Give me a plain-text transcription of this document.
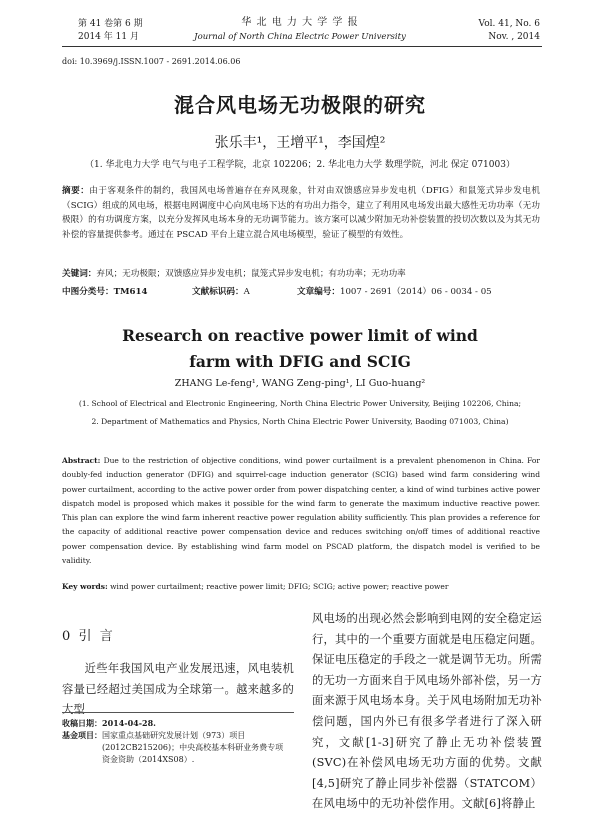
第 41 卷第 6 期
2014 年 11 月
华 北 电 力 大 学 学 报
Journal of North China Electric Power University
Vol. 41, No. 6
Nov. , 2014
doi: 10.3969/j.ISSN.1007 - 2691.2014.06.06
混合风电场无功极限的研究
张乐丰¹，王增平¹，李国煌²
（1. 华北电力大学 电气与电子工程学院，北京 102206；2. 华北电力大学 数理学院，河北 保定 071003）
摘要：由于客观条件的制约，我国风电场普遍存在弃风现象，针对由双馈感应异步发电机（DFIG）和鼠笼式异步发电机（SCIG）组成的风电场，根据电网调度中心向风电场下达的有功出力指令，建立了利用风电场发出最大感性无功功率（无功极限）的有功调度方案，以充分发挥风电场本身的无功调节能力。该方案可以减少附加无功补偿装置的投切次数以及为其无功补偿的容量提供参考。通过在 PSCAD 平台上建立混合风电场模型，验证了模型的有效性。
关键词：弃风；无功极限；双馈感应异步发电机；鼠笼式异步发电机；有功功率；无功功率
中图分类号：TM614	文献标识码：A	文章编号：1007 - 2691（2014）06 - 0034 - 05
Research on reactive power limit of wind
farm with DFIG and SCIG
ZHANG Le-feng¹, WANG Zeng-ping¹, LI Guo-huang²
(1. School of Electrical and Electronic Engineering, North China Electric Power University, Beijing 102206, China;
2. Department of Mathematics and Physics, North China Electric Power University, Baoding 071003, China)
Abstract: Due to the restriction of objective conditions, wind power curtailment is a prevalent phenomenon in China. For doubly-fed induction generator (DFIG) and squirrel-cage induction generator (SCIG) based wind farm considering wind power curtailment, according to the active power order from power dispatching center, a kind of wind turbines active power dispatch model is proposed which makes it possible for the wind farm to generate the maximum inductive reactive power. This plan can explore the wind farm inherent reactive power regulation ability sufficiently. This plan provides a reference for the capacity of additional reactive power compensation device and reduces switching on/off times of additional reactive power compensation device. By establishing wind farm model on PSCAD platform, the dispatch model is verified to be validity.
Key words: wind power curtailment; reactive power limit; DFIG; SCIG; active power; reactive power
0  引  言
近些年我国风电产业发展迅速，风电装机容量已经超过美国成为全球第一。越来越多的大型
收稿日期：2014-04-28.
基金项目：国家重点基础研究发展计划（973）项目
(2012CB215206)；中央高校基本科研业务费专项
资金资助（2014XS08）.
风电场的出现必然会影响到电网的安全稳定运行，其中的一个重要方面就是电压稳定问题。保证电压稳定的手段之一就是调节无功。所需的无功一方面来自于风电场外部补偿，另一方面来源于风电场本身。关于风电场附加无功补偿问题，国内外已有很多学者进行了深入研究，文献[1-3]研究了静止无功补偿装置(SVC)在补偿风电场无功方面的优势。文献[4,5]研究了静止同步补偿器（STATCOM）在风电场中的无功补偿作用。文献[6]将静止
